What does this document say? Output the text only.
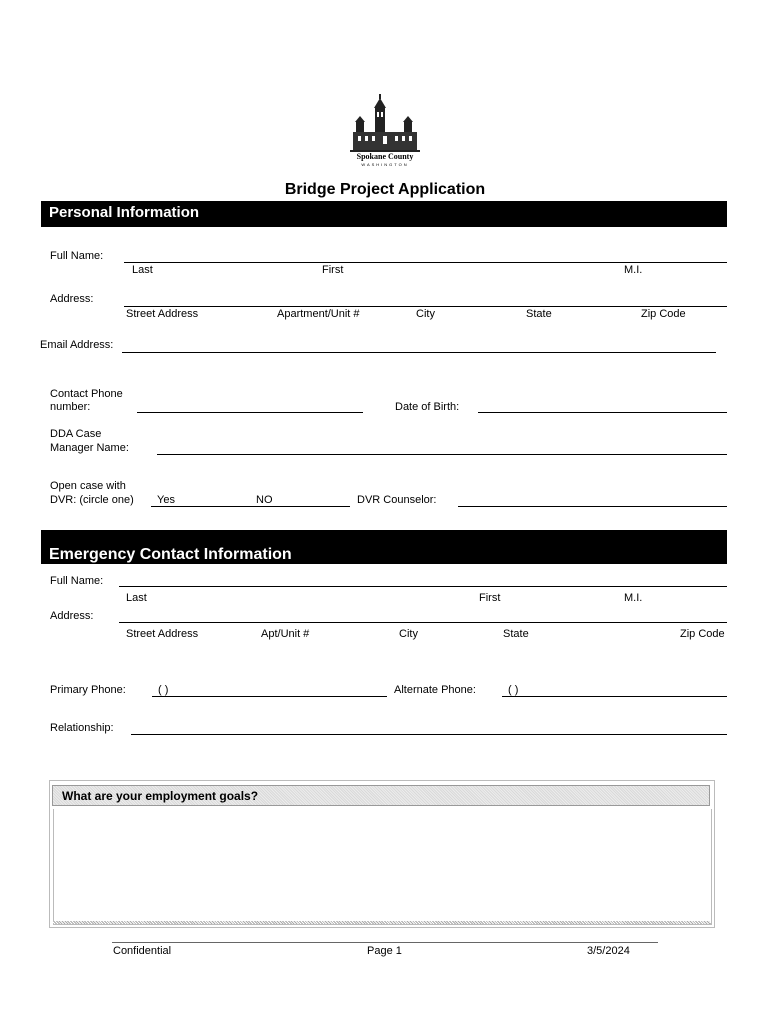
Spokane County
WASHINGTON
Bridge Project Application
Personal Information
Full Name:
Last	First	M.I.
Address:
Street Address	Apartment/Unit #	City	State	Zip Code
Email Address:
Contact Phone
number:	Date of Birth:
DDA Case
Manager Name:
Open case with
DVR: (circle one) Yes	NO	DVR Counselor:
Emergency Contact Information
Full Name:
Last	First	M.I.
Address:
Street Address	Apt/Unit #	City	State	Zip Code
Primary Phone:	( )	Alternate Phone:	( )
Relationship:
What are your employment goals?
Confidential	Page 1	3/5/2024
